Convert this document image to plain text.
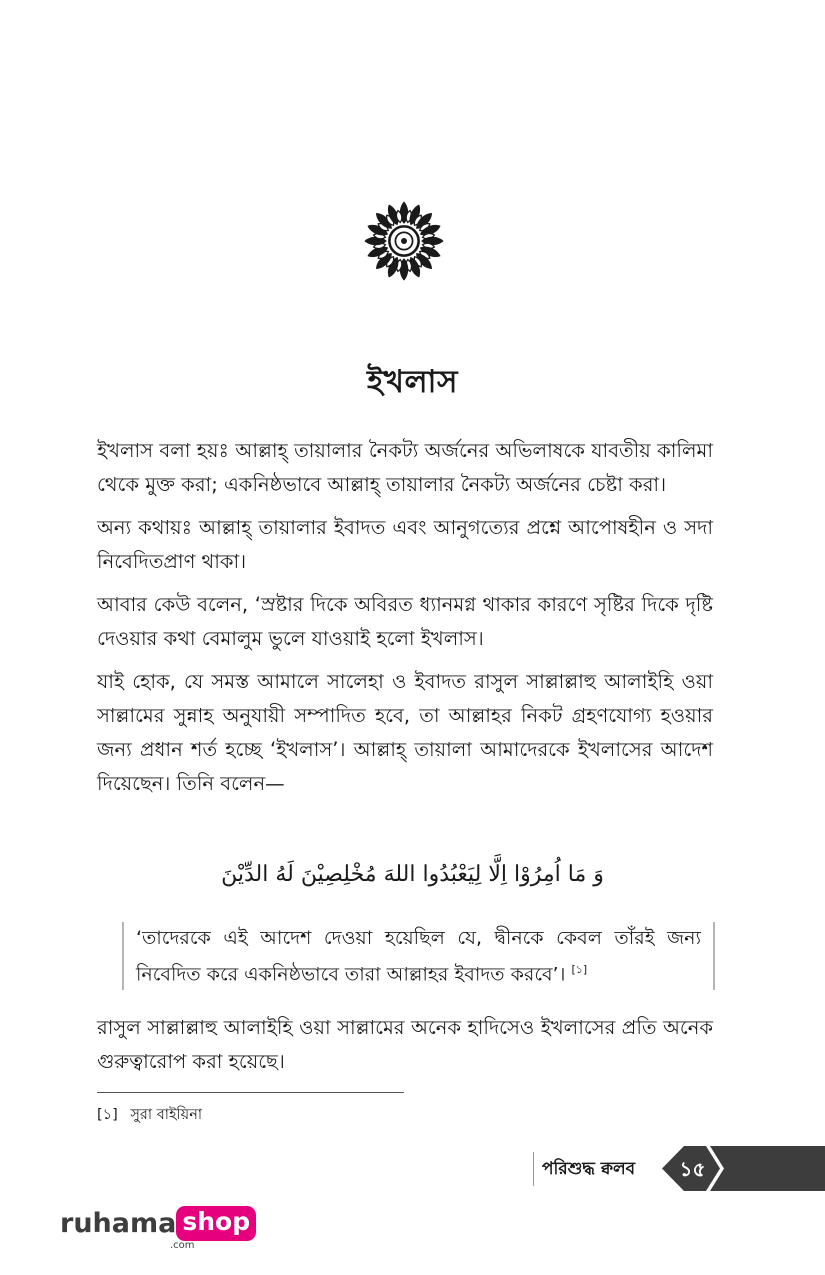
ইখলাস

ইখলাস বলা হয়ঃ আল্লাহ্ তায়ালার নৈকট্য অর্জনের অভিলাষকে যাবতীয় কালিমা থেকে মুক্ত করা; একনিষ্ঠভাবে আল্লাহ্ তায়ালার নৈকট্য অর্জনের চেষ্টা করা।

অন্য কথায়ঃ আল্লাহ্ তায়ালার ইবাদত এবং আনুগত্যের প্রশ্নে আপোষহীন ও সদা নিবেদিতপ্রাণ থাকা।

আবার কেউ বলেন, ‘স্রষ্টার দিকে অবিরত ধ্যানমগ্ন থাকার কারণে সৃষ্টির দিকে দৃষ্টি দেওয়ার কথা বেমালুম ভুলে যাওয়াই হলো ইখলাস।

যাই হোক, যে সমস্ত আমালে সালেহা ও ইবাদত রাসুল সাল্লাল্লাহু আলাইহি ওয়া সাল্লামের সুন্নাহ অনুযায়ী সম্পাদিত হবে, তা আল্লাহর নিকট গ্রহণযোগ্য হওয়ার জন্য প্রধান শর্ত হচ্ছে ‘ইখলাস’। আল্লাহ্ তায়ালা আমাদেরকে ইখলাসের আদেশ দিয়েছেন। তিনি বলেন—

وَ مَا اُمِرُوْا اِلَّا لِيَعْبُدُوا اللهَ مُخْلِصِيْنَ لَهُ الدِّيْنَ
‘তাদেরকে এই আদেশ দেওয়া হয়েছিল যে, দ্বীনকে কেবল তাঁরই জন্য নিবেদিত করে একনিষ্ঠভাবে তারা আল্লাহর ইবাদত করবে’। [১]

রাসুল সাল্লাল্লাহু আলাইহি ওয়া সাল্লামের অনেক হাদিসেও ইখলাসের প্রতি অনেক গুরুত্বারোপ করা হয়েছে।

[১] সুরা বাইয়িনা
পরিশুদ্ধ ক্বলব	১৫
ruhama shop
.com
